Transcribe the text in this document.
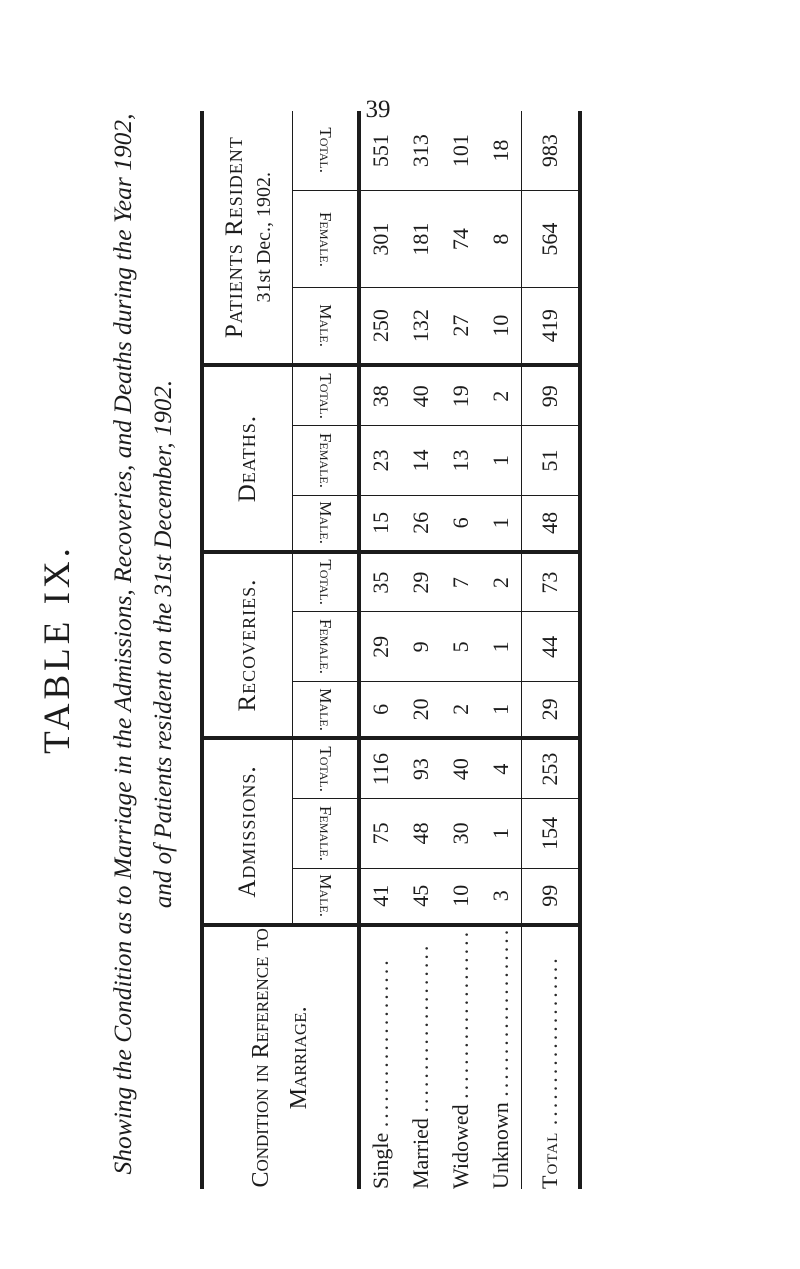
39
TABLE IX. Showing the Condition as to Marriage in the Admissions, Recoveries, and Deaths during the Year 1902, and of Patients resident on the 31st December, 1902.
Condition in Reference to Marriage.	Admissions.			Recoveries.			Deaths.			Patients Resident 31st Dec., 1902.		

	Male.	Female.	Total.	Male.	Female.	Total.	Male.	Female.	Total.	Male.	Female.	Total.
Single ....................	41	75	116	6	29	35	15	23	38	250	301	551
Married ....................	45	48	93	20	9	29	26	14	40	132	181	313
Widowed ....................	10	30	40	2	5	7	6	13	19	27	74	101
Unknown ....................	3	1	4	1	1	2	1	1	2	10	8	18
Total ....................	99	154	253	29	44	73	48	51	99	419	564	983
